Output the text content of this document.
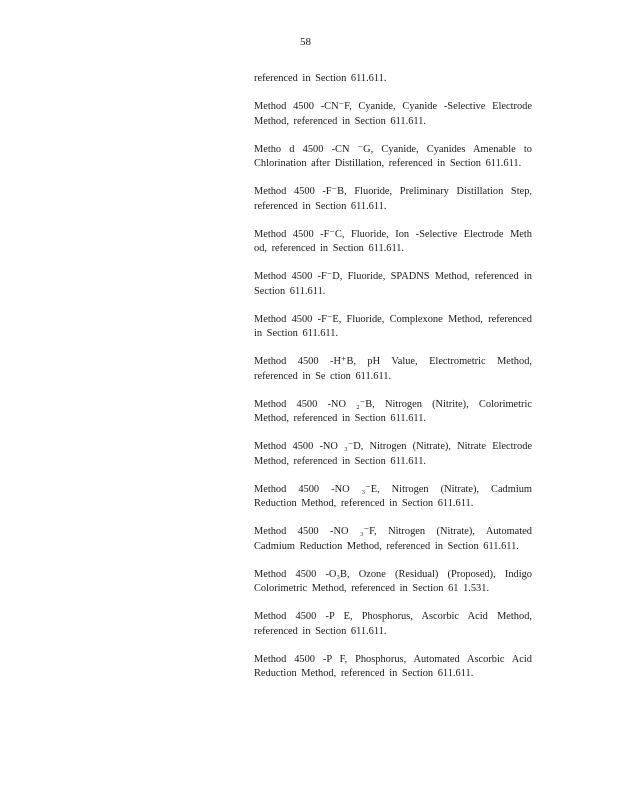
58

referenced in Section 611.611.

Method 4500 -CN⁻F, Cyanide, Cyanide -Selective Electrode Method, referenced in Section 611.611.

Metho d 4500 -CN ⁻G, Cyanide, Cyanides Amenable to Chlorination after Distillation, referenced in Section 611.611.

Method 4500 -F⁻B, Fluoride, Preliminary Distillation Step, referenced in Section 611.611.

Method 4500 -F⁻C, Fluoride, Ion -Selective Electrode Meth od, referenced in Section 611.611.

Method 4500 -F⁻D, Fluoride, SPADNS Method, referenced in Section 611.611.

Method 4500 -F⁻E, Fluoride, Complexone Method, referenced in Section 611.611.

Method 4500 -H⁺B, pH Value, Electrometric Method, referenced in Se ction 611.611.

Method 4500 -NO ₂⁻B, Nitrogen (Nitrite), Colorimetric Method, referenced in Section 611.611.

Method 4500 -NO ₃⁻D, Nitrogen (Nitrate), Nitrate Electrode Method, referenced in Section 611.611.

Method 4500 -NO ₃⁻E, Nitrogen (Nitrate), Cadmium Reduction Method, referenced in Section 611.611.

Method 4500 -NO ₃⁻F, Nitrogen (Nitrate), Automated Cadmium Reduction Method, referenced in Section 611.611.

Method 4500 -O₃B, Ozone (Residual) (Proposed), Indigo Colorimetric Method, referenced in Section 61 1.531.

Method 4500 -P E, Phosphorus, Ascorbic Acid Method, referenced in Section 611.611.

Method 4500 -P F, Phosphorus, Automated Ascorbic Acid Reduction Method, referenced in Section 611.611.
